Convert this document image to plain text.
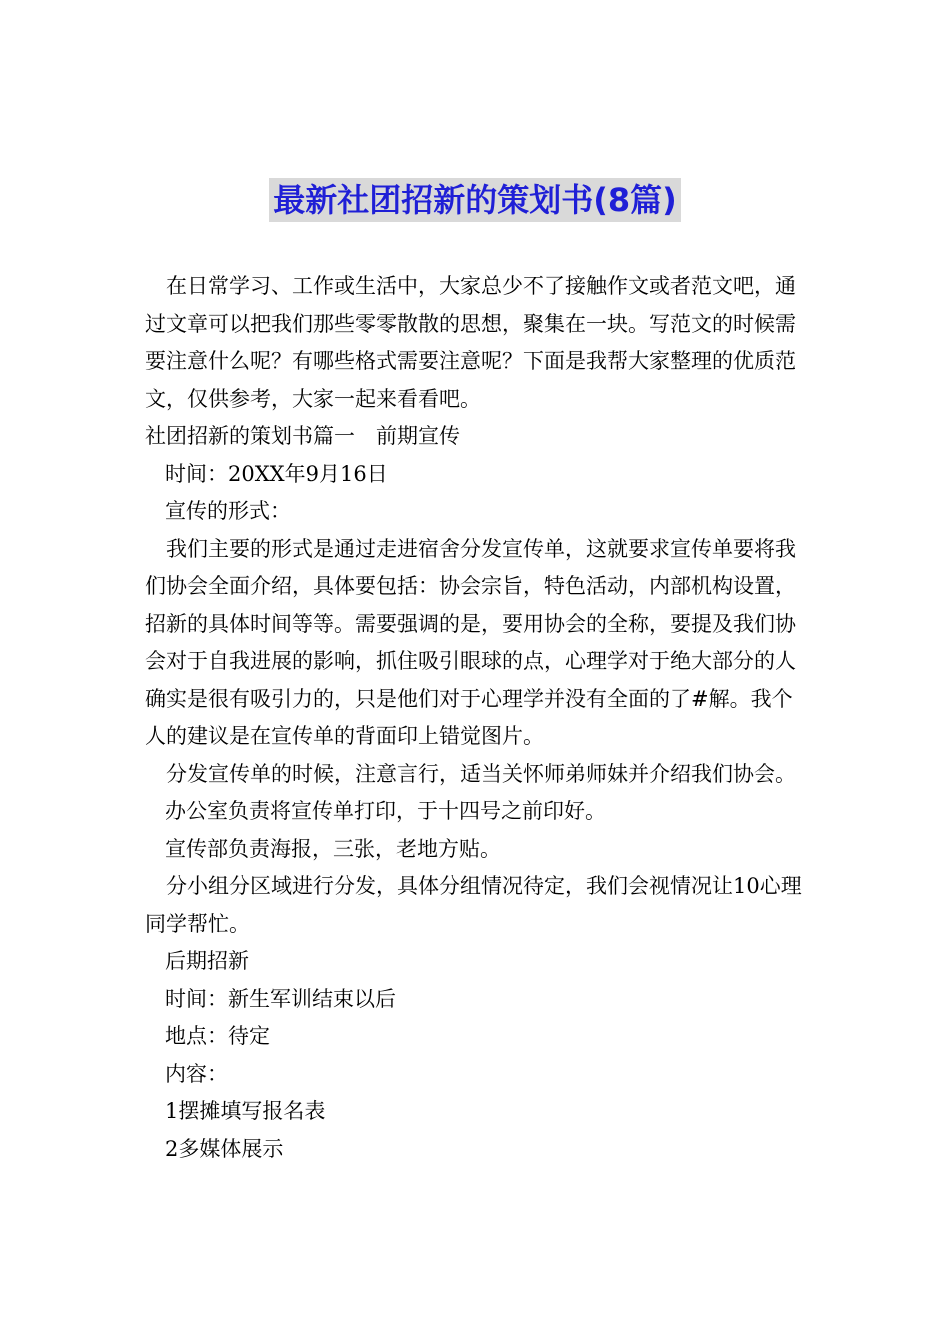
最新社团招新的策划书(8篇)

在日常学习、工作或生活中，大家总少不了接触作文或者范文吧，通过文章可以把我们那些零零散散的思想，聚集在一块。写范文的时候需要注意什么呢？有哪些格式需要注意呢？下面是我帮大家整理的优质范文，仅供参考，大家一起来看看吧。

社团招新的策划书篇一　前期宣传

时间：20XX年9月16日

宣传的形式：

我们主要的形式是通过走进宿舍分发宣传单，这就要求宣传单要将我们协会全面介绍，具体要包括：协会宗旨，特色活动，内部机构设置，招新的具体时间等等。需要强调的是，要用协会的全称，要提及我们协会对于自我进展的影响，抓住吸引眼球的点，心理学对于绝大部分的人确实是很有吸引力的，只是他们对于心理学并没有全面的了#解。我个人的建议是在宣传单的背面印上错觉图片。

分发宣传单的时候，注意言行，适当关怀师弟师妹并介绍我们协会。

办公室负责将宣传单打印，于十四号之前印好。

宣传部负责海报，三张，老地方贴。

分小组分区域进行分发，具体分组情况待定，我们会视情况让10心理同学帮忙。

后期招新

时间：新生军训结束以后

地点：待定

内容：

1摆摊填写报名表

2多媒体展示
